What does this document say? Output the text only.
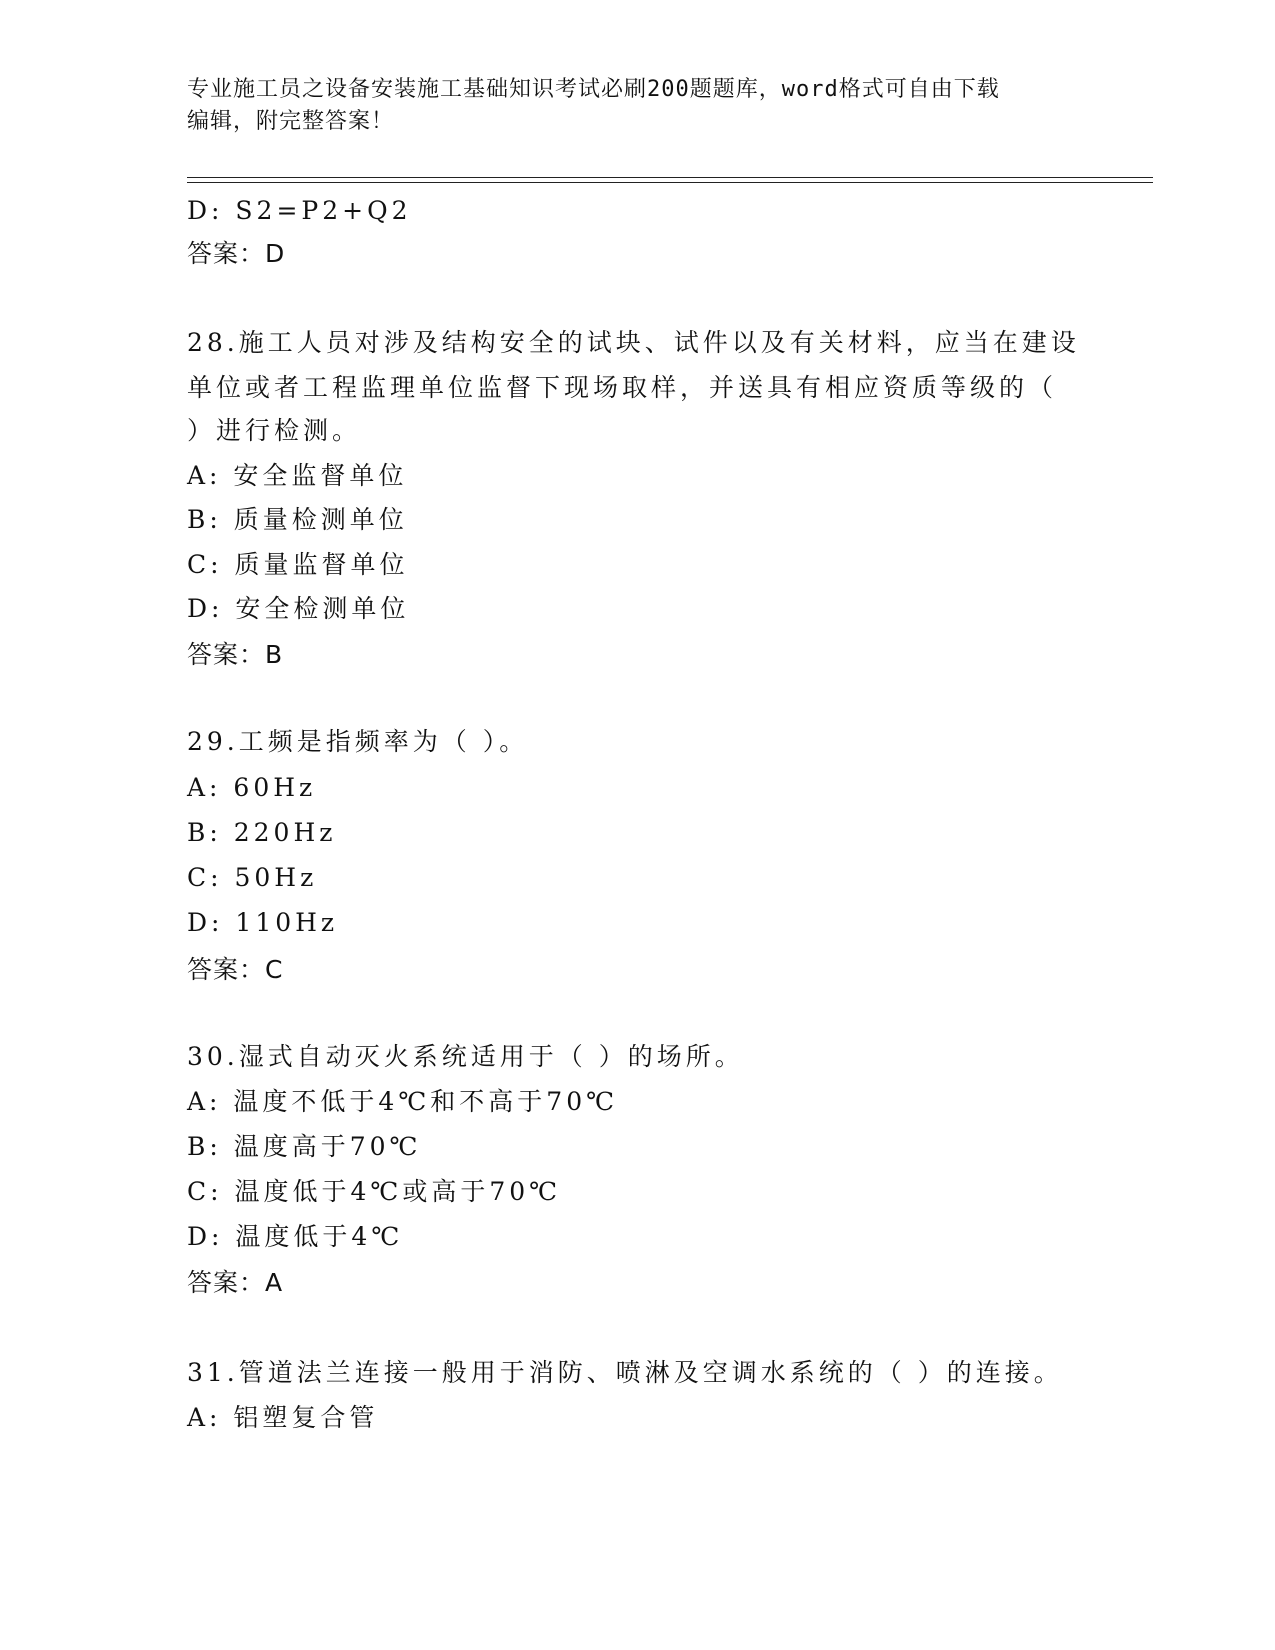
专业施工员之设备安装施工基础知识考试必刷200题题库，word格式可自由下载
编辑，附完整答案！
D: S2=P2+Q2
答案：D
28.施工人员对涉及结构安全的试块、试件以及有关材料，应当在建设
单位或者工程监理单位监督下现场取样，并送具有相应资质等级的（
）进行检测。
A: 安全监督单位
B: 质量检测单位
C: 质量监督单位
D: 安全检测单位
答案：B
29.工频是指频率为（ ）。
A: 60Hz
B: 220Hz
C: 50Hz
D: 110Hz
答案：C
30.湿式自动灭火系统适用于（ ）的场所。
A: 温度不低于4℃和不高于70℃
B: 温度高于70℃
C: 温度低于4℃或高于70℃
D: 温度低于4℃
答案：A
31.管道法兰连接一般用于消防、喷淋及空调水系统的（ ）的连接。
A: 铝塑复合管
